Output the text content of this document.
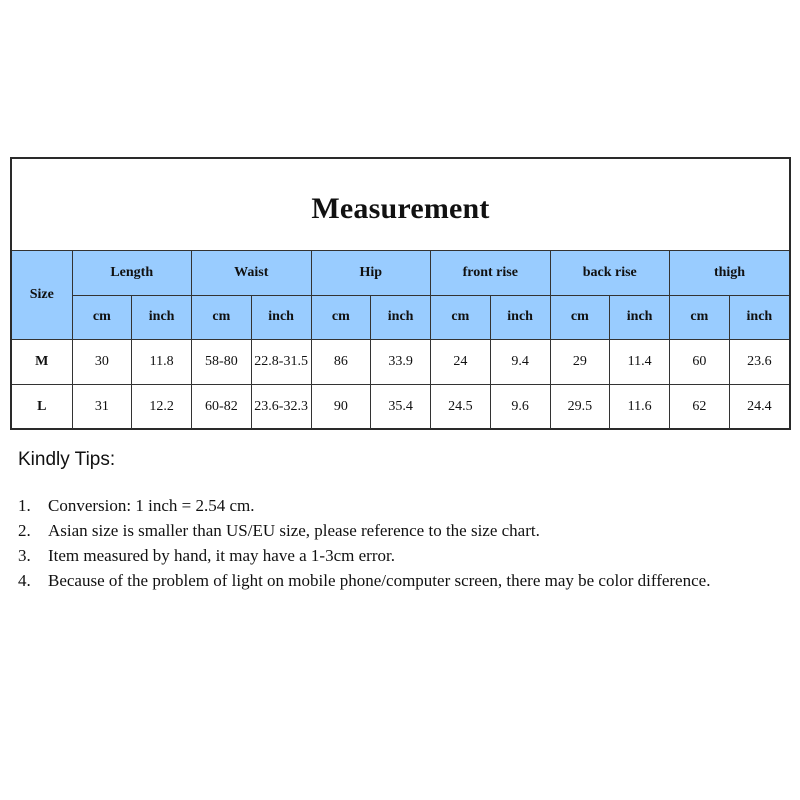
Measurement
Size	Length		Waist		Hip		front rise		back rise		thigh	
	cm	inch	cm	inch	cm	inch	cm	inch	cm	inch	cm	inch
M	30	11.8	58-80	22.8-31.5	86	33.9	24	9.4	29	11.4	60	23.6
L	31	12.2	60-82	23.6-32.3	90	35.4	24.5	9.6	29.5	11.6	62	24.4
Kindly Tips:
1.	Conversion: 1 inch = 2.54 cm.
2.	Asian size is smaller than US/EU size, please reference to the size chart.
3.	Item measured by hand, it may have a 1-3cm error.
4.	Because of the problem of light on mobile phone/computer screen, there may be color difference.
